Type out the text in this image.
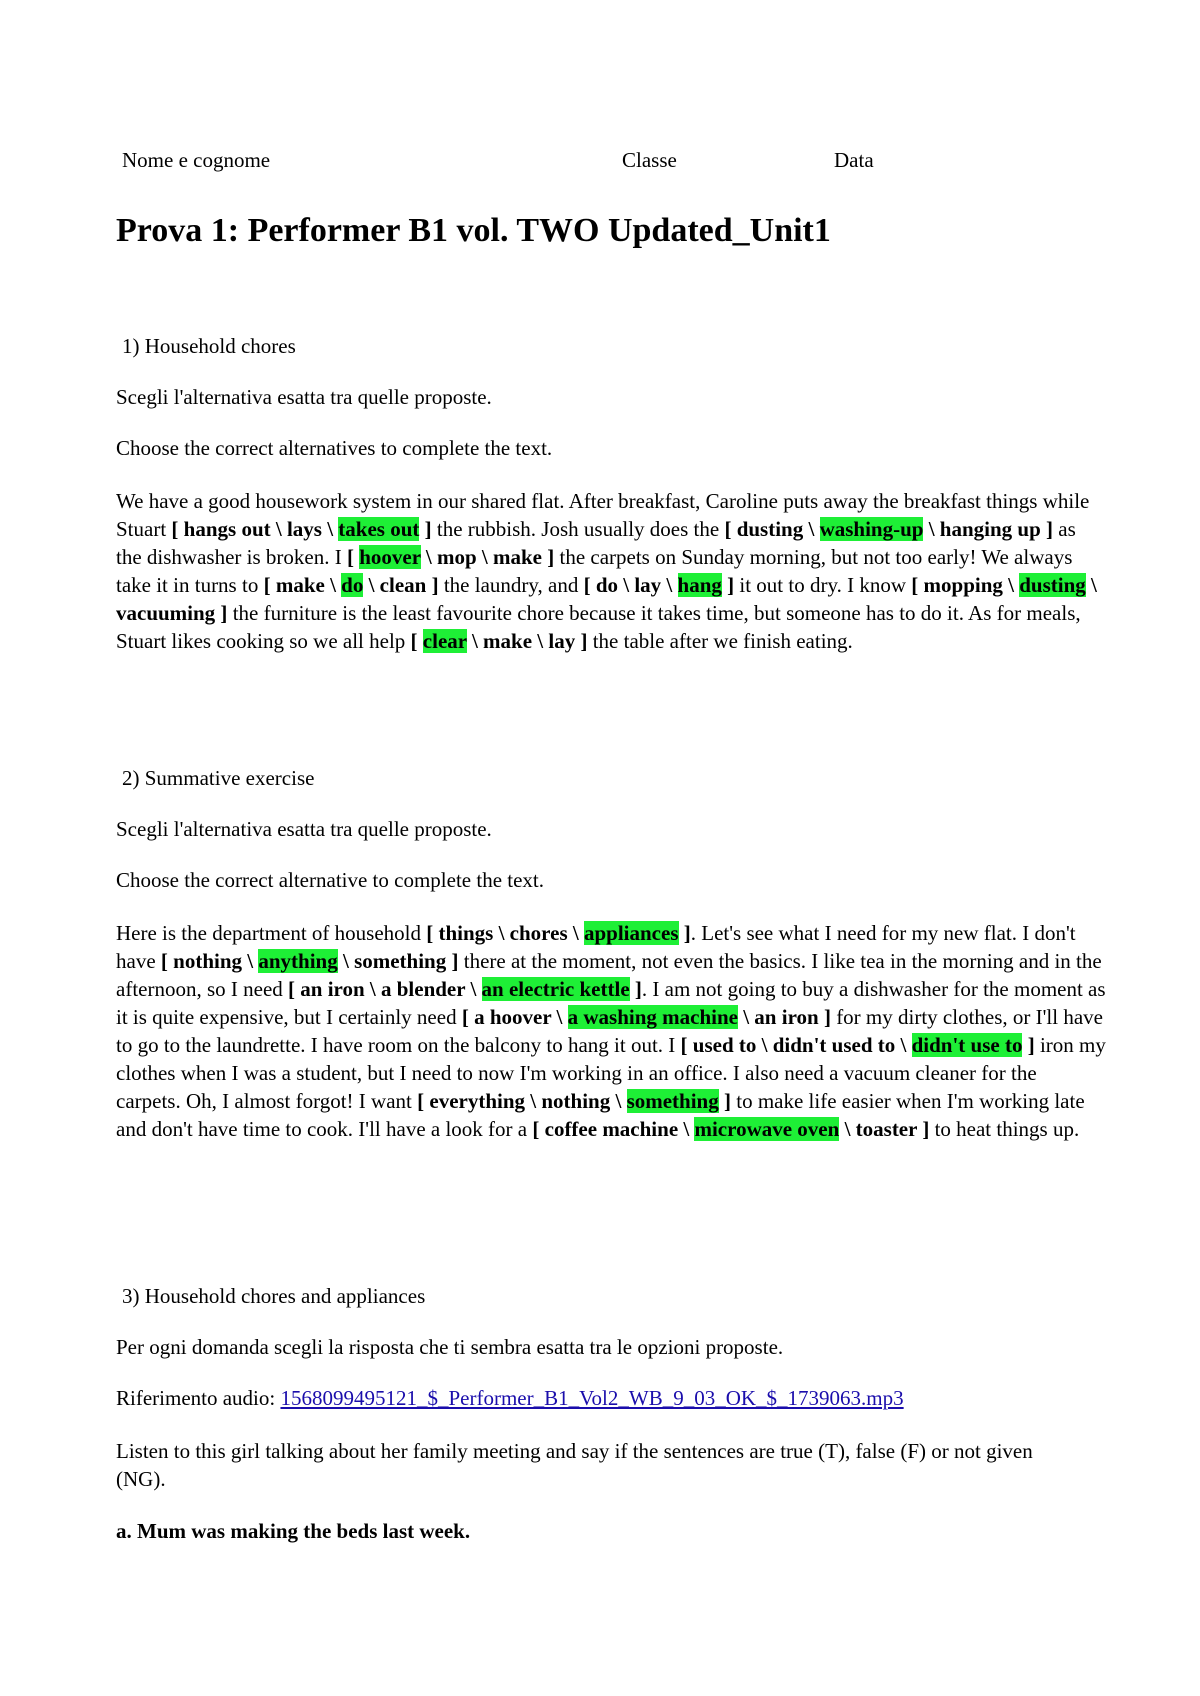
Nome e cognome	Classe	Data
Prova 1: Performer B1 vol. TWO Updated_Unit1

1) Household chores

Scegli l'alternativa esatta tra quelle proposte.

Choose the correct alternatives to complete the text.

We have a good housework system in our shared flat. After breakfast, Caroline puts away the breakfast things while Stuart [ hangs out \ lays \ takes out ] the rubbish. Josh usually does the [ dusting \ washing-up \ hanging up ] as the dishwasher is broken. I [ hoover \ mop \ make ] the carpets on Sunday morning, but not too early! We always take it in turns to [ make \ do \ clean ] the laundry, and [ do \ lay \ hang ] it out to dry. I know [ mopping \ dusting \ vacuuming ] the furniture is the least favourite chore because it takes time, but someone has to do it. As for meals, Stuart likes cooking so we all help [ clear \ make \ lay ] the table after we finish eating.

2) Summative exercise

Scegli l'alternativa esatta tra quelle proposte.

Choose the correct alternative to complete the text.

Here is the department of household [ things \ chores \ appliances ]. Let's see what I need for my new flat. I don't have [ nothing \ anything \ something ] there at the moment, not even the basics. I like tea in the morning and in the afternoon, so I need [ an iron \ a blender \ an electric kettle ]. I am not going to buy a dishwasher for the moment as it is quite expensive, but I certainly need [ a hoover \ a washing machine \ an iron ] for my dirty clothes, or I'll have to go to the laundrette. I have room on the balcony to hang it out. I [ used to \ didn't used to \ didn't use to ] iron my clothes when I was a student, but I need to now I'm working in an office. I also need a vacuum cleaner for the carpets. Oh, I almost forgot! I want [ everything \ nothing \ something ] to make life easier when I'm working late and don't have time to cook. I'll have a look for a [ coffee machine \ microwave oven \ toaster ] to heat things up.

3) Household chores and appliances

Per ogni domanda scegli la risposta che ti sembra esatta tra le opzioni proposte.

Riferimento audio: 1568099495121_$_Performer_B1_Vol2_WB_9_03_OK_$_1739063.mp3

Listen to this girl talking about her family meeting and say if the sentences are true (T), false (F) or not given (NG).

a. Mum was making the beds last week.
